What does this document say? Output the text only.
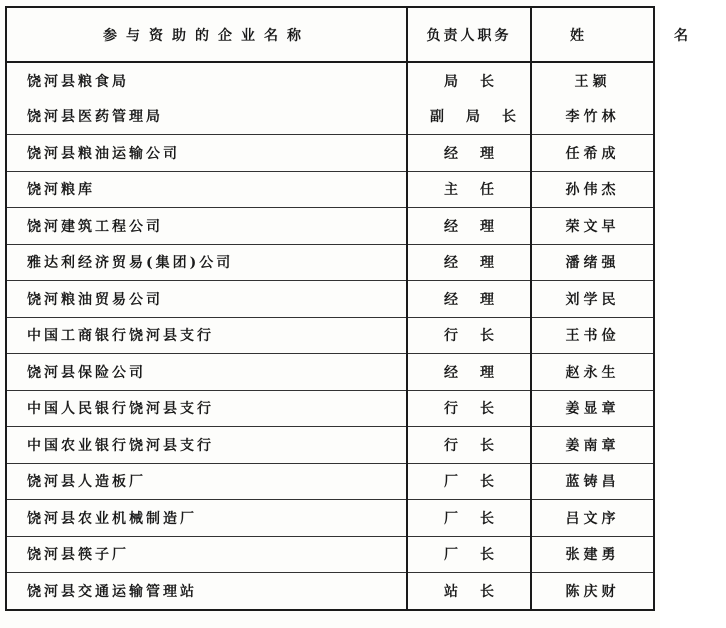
参与资助的企业名称	负责人职务	姓　名
饶河县粮食局	局长	王颖
饶河县医药管理局	副局长	李竹林
饶河县粮油运输公司	经理	任希成
饶河粮库	主任	孙伟杰
饶河建筑工程公司	经理	荣文早
雅达利经济贸易(集团)公司	经理	潘绪强
饶河粮油贸易公司	经理	刘学民
中国工商银行饶河县支行	行长	王书俭
饶河县保险公司	经理	赵永生
中国人民银行饶河县支行	行长	姜显章
中国农业银行饶河县支行	行长	姜南章
饶河县人造板厂	厂长	蓝铸昌
饶河县农业机械制造厂	厂长	吕文序
饶河县筷子厂	厂长	张建勇
饶河县交通运输管理站	站长	陈庆财
